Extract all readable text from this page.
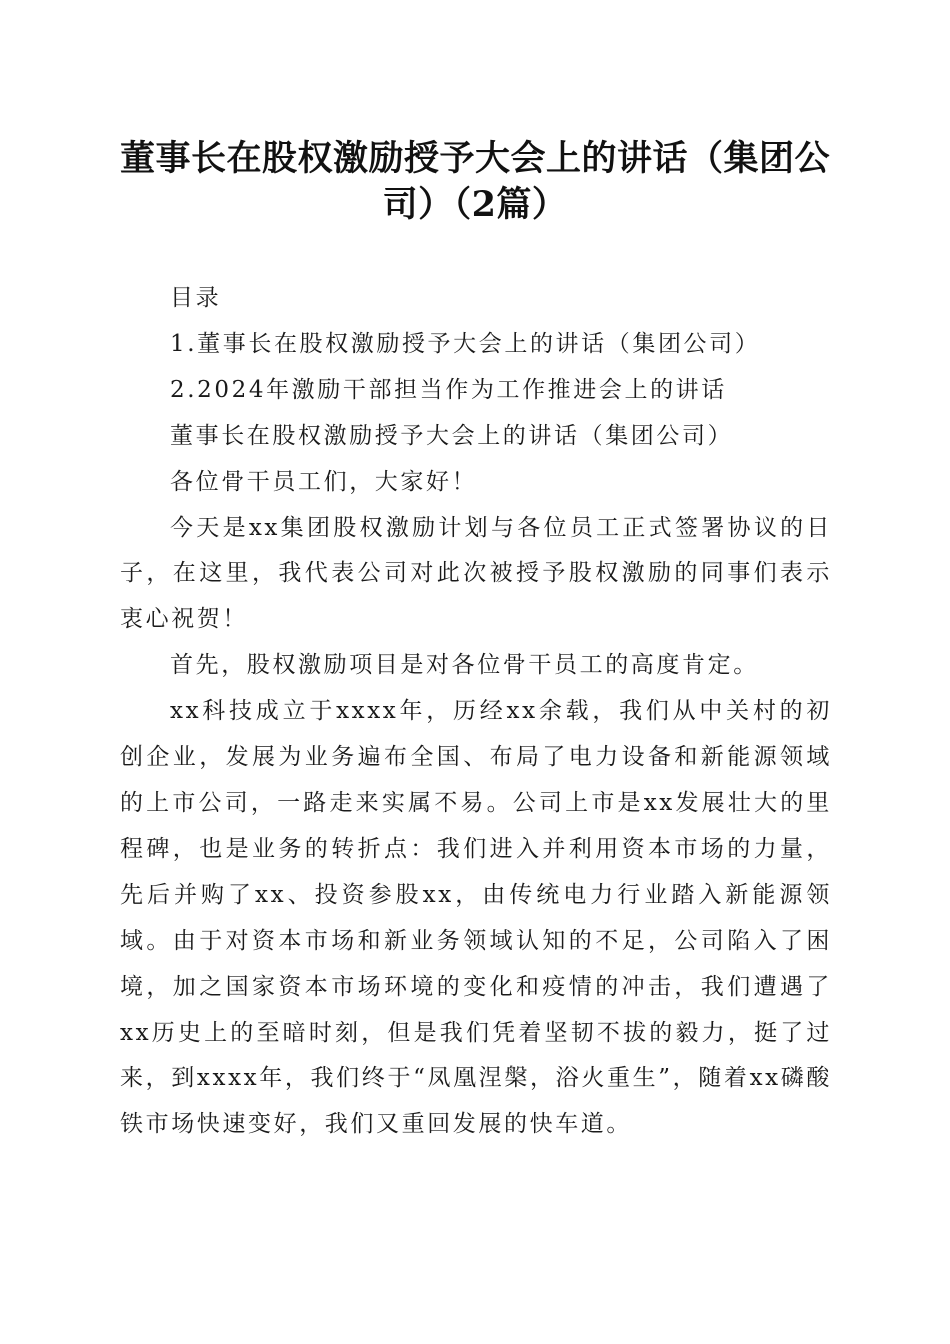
董事长在股权激励授予大会上的讲话（集团公司）（2篇）

目录

1.董事长在股权激励授予大会上的讲话（集团公司）

2.2024年激励干部担当作为工作推进会上的讲话

董事长在股权激励授予大会上的讲话（集团公司）

各位骨干员工们，大家好！

今天是xx集团股权激励计划与各位员工正式签署协议的日子，在这里，我代表公司对此次被授予股权激励的同事们表示衷心祝贺！

首先，股权激励项目是对各位骨干员工的高度肯定。

xx科技成立于xxxx年，历经xx余载，我们从中关村的初创企业，发展为业务遍布全国、布局了电力设备和新能源领域的上市公司，一路走来实属不易。公司上市是xx发展壮大的里程碑，也是业务的转折点：我们进入并利用资本市场的力量，先后并购了xx、投资参股xx，由传统电力行业踏入新能源领域。由于对资本市场和新业务领域认知的不足，公司陷入了困境，加之国家资本市场环境的变化和疫情的冲击，我们遭遇了xx历史上的至暗时刻，但是我们凭着坚韧不拔的毅力，挺了过来，到xxxx年，我们终于“凤凰涅槃，浴火重生”，随着xx磷酸铁市场快速变好，我们又重回发展的快车道。
